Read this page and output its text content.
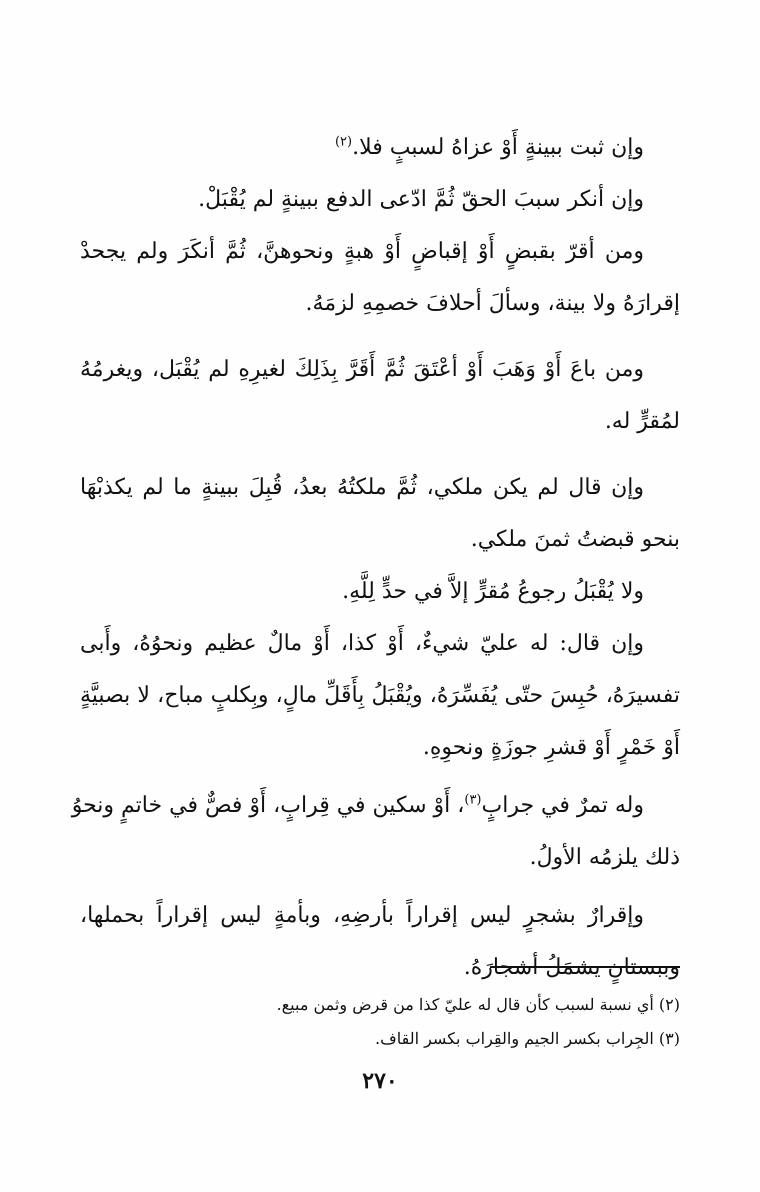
وإن ثبت ببينةٍ أَوْ عزاهُ لسببٍ فلا.$^{(٢)}$
وإن أنكر سببَ الحقّ ثُمَّ ادّعى الدفع ببينةٍ لم يُقْبَلْ.
ومن أقرّ بقبضٍ أَوْ إقباضٍ أَوْ هبةٍ ونحوهنَّ، ثُمَّ أنكَرَ ولم يجحدْ
إقرارَهُ ولا بينة، وسألَ أحلافَ خصمِهِ لزمَهُ.
ومن باعَ أَوْ وَهَبَ أَوْ أعْتَقَ ثُمَّ أَقَرَّ بِذَلِكَ لغيرِهِ لم يُقْبَل، ويغرمُهُ
لمُقرٍّ له.
وإن قال لم يكن ملكي، ثُمَّ ملكتُهُ بعدُ، قُبِلَ ببينةٍ ما لم يكذبْهَا
بنحو قبضتُ ثمنَ ملكي.
ولا يُقْبَلُ رجوعُ مُقرٍّ إلاَّ في حدٍّ لِلَّهِ.
وإن قال: له عليّ شيءٌ، أَوْ كذا، أَوْ مالٌ عظيم ونحوُهُ، وأَبى
تفسيرَهُ، حُبِسَ حتّى يُفَسِّرَهُ، ويُقْبَلُ بِأَقَلِّ مالٍ، وبِكلبٍ مباح، لا بصبيَّةٍ
أَوْ خَمْرٍ أَوْ قشرِ جوزَةٍ ونحوِهِ.
وله تمرٌ في جرابٍ$^{(٣)}$، أَوْ سكين في قِرابٍ، أَوْ فصٌّ في خاتمٍ ونحوُ
ذلك يلزمُه الأولُ.
وإقرارٌ بشجرٍ ليس إقراراً بأرضِهِ، وبأمةٍ ليس إقراراً بحملها،
وببستانٍ يشمَلُ أشجارَهُ.
(٢) أي نسبة لسبب كأن قال له عليّ كذا من قرض وثمن مبيع.
(٣) الجِراب بكسر الجيم والقِراب بكسر القاف.
٢٧٠
